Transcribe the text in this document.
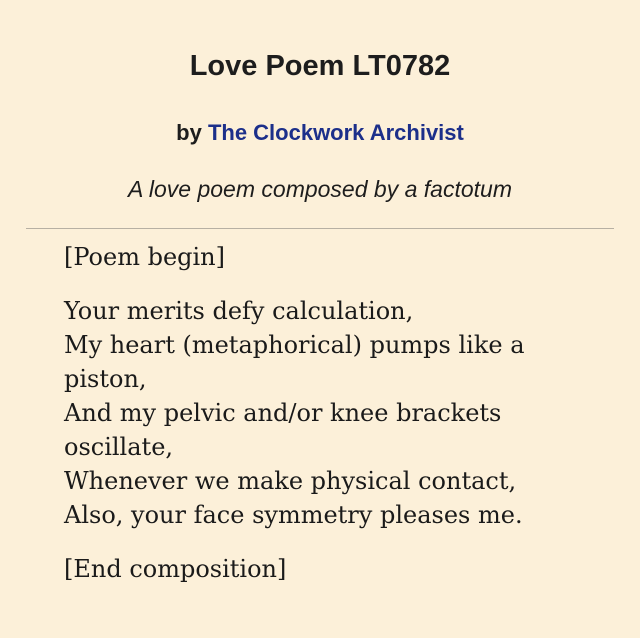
Love Poem LT0782
by The Clockwork Archivist
A love poem composed by a factotum

[Poem begin]

Your merits defy calculation,
My heart (metaphorical) pumps like a
piston,
And my pelvic and/or knee brackets
oscillate,
Whenever we make physical contact,
Also, your face symmetry pleases me.

[End composition]
